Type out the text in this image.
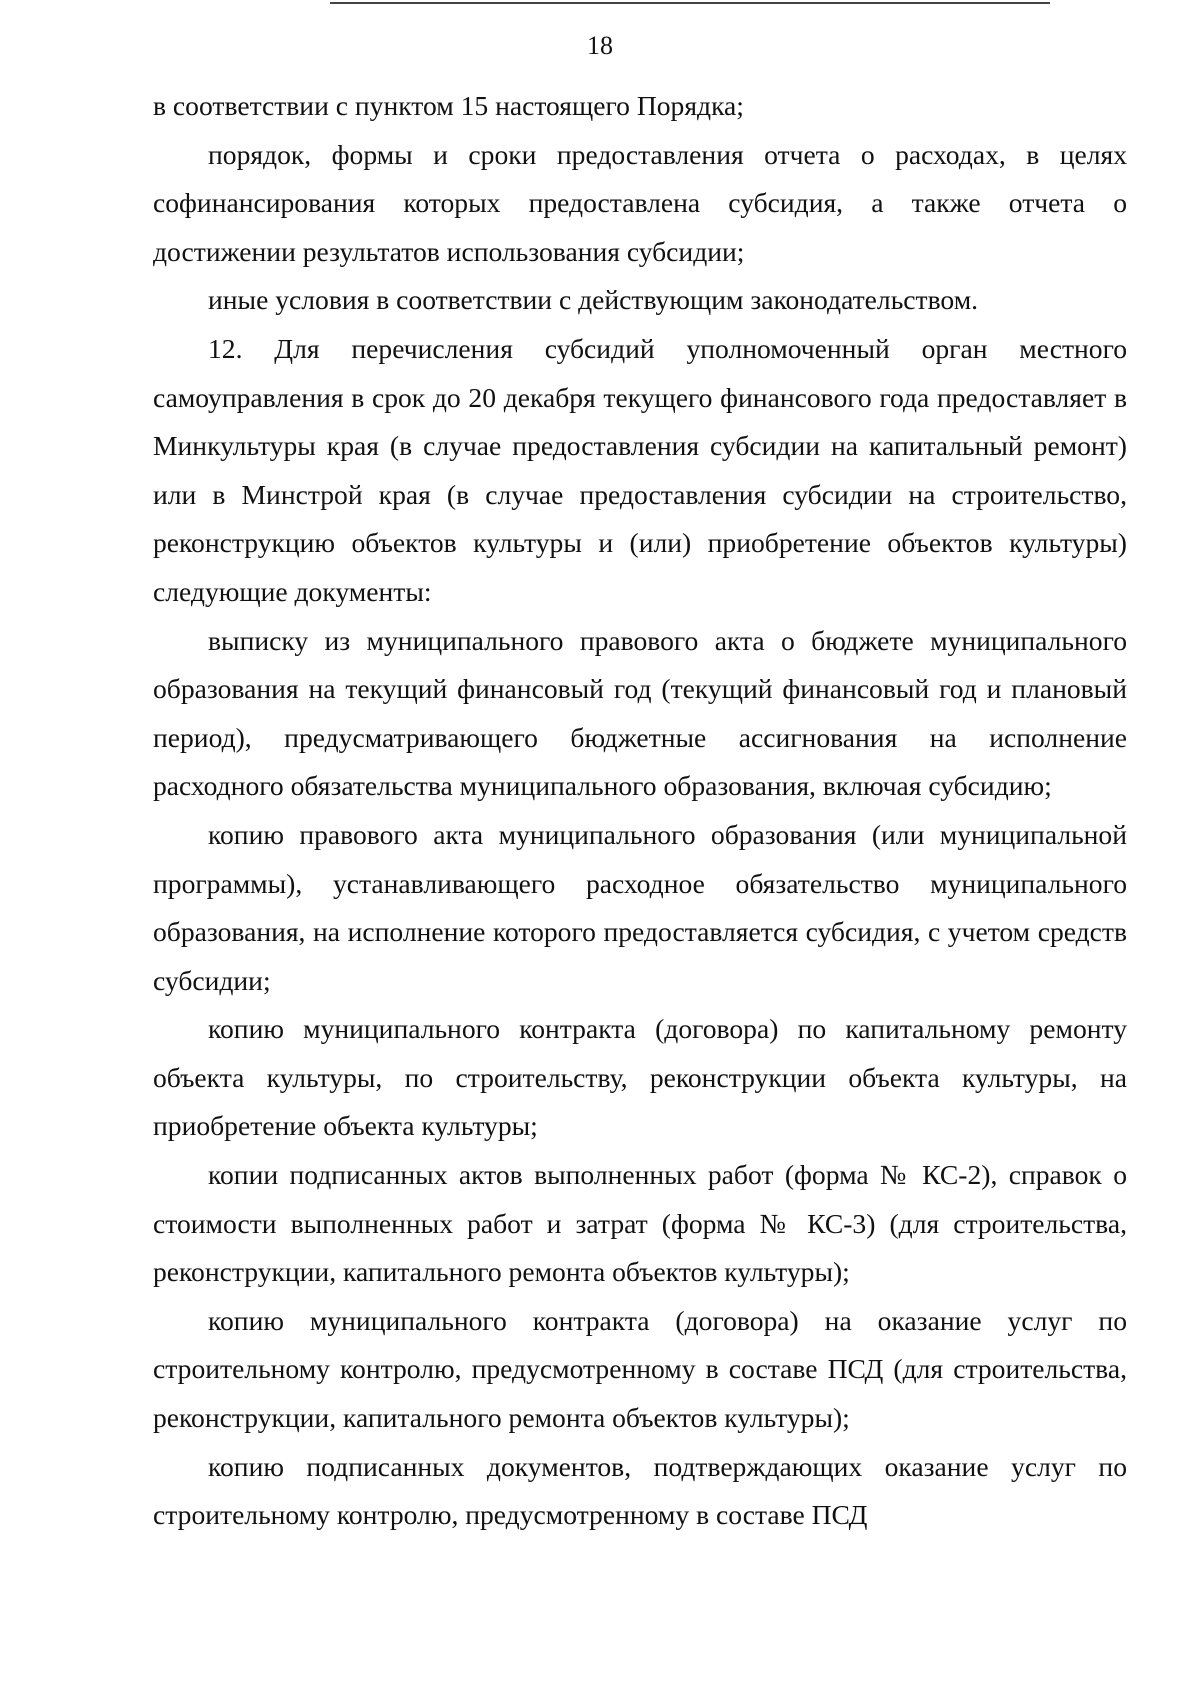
18

в соответствии с пунктом 15 настоящего Порядка;

порядок, формы и сроки предоставления отчета о расходах, в целях софинансирования которых предоставлена субсидия, а также отчета о достижении результатов использования субсидии;

иные условия в соответствии с действующим законодательством.

12. Для перечисления субсидий уполномоченный орган местного самоуправления в срок до 20 декабря текущего финансового года предоставляет в Минкультуры края (в случае предоставления субсидии на капитальный ремонт) или в Минстрой края (в случае предоставления субсидии на строительство, реконструкцию объектов культуры и (или) приобретение объектов культуры) следующие документы:

выписку из муниципального правового акта о бюджете муниципального образования на текущий финансовый год (текущий финансовый год и плановый период), предусматривающего бюджетные ассигнования на исполнение расходного обязательства муниципального образования, включая субсидию;

копию правового акта муниципального образования (или муниципальной программы), устанавливающего расходное обязательство муниципального образования, на исполнение которого предоставляется субсидия, с учетом средств субсидии;

копию муниципального контракта (договора) по капитальному ремонту объекта культуры, по строительству, реконструкции объекта культуры, на приобретение объекта культуры;

копии подписанных актов выполненных работ (форма № КС-2), справок о стоимости выполненных работ и затрат (форма № КС-3) (для строительства, реконструкции, капитального ремонта объектов культуры);

копию муниципального контракта (договора) на оказание услуг по строительному контролю, предусмотренному в составе ПСД (для строительства, реконструкции, капитального ремонта объектов культуры);

копию подписанных документов, подтверждающих оказание услуг по строительному контролю, предусмотренному в составе ПСД
